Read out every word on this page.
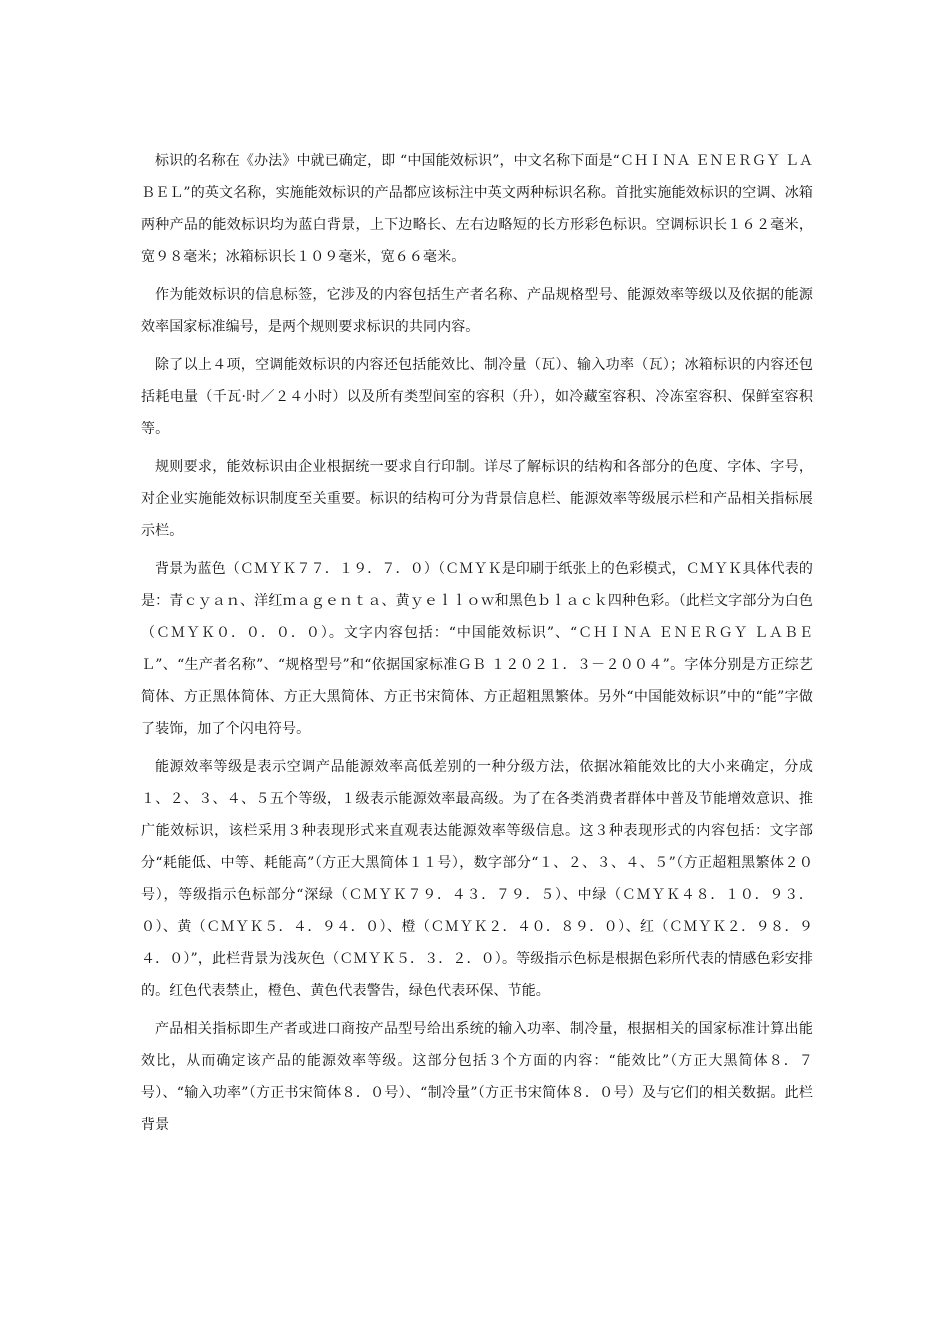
标识的名称在《办法》中就已确定，即 “中国能效标识”，中文名称下面是“ＣＨＩＮＡ ＥＮＥＲＧＹ ＬＡＢＥＬ”的英文名称，实施能效标识的产品都应该标注中英文两种标识名称。首批实施能效标识的空调、冰箱两种产品的能效标识均为蓝白背景，上下边略长、左右边略短的长方形彩色标识。空调标识长１６２毫米，宽９８毫米；冰箱标识长１０９毫米，宽６６毫米。

作为能效标识的信息标签，它涉及的内容包括生产者名称、产品规格型号、能源效率等级以及依据的能源效率国家标准编号，是两个规则要求标识的共同内容。

除了以上４项，空调能效标识的内容还包括能效比、制冷量（瓦）、输入功率（瓦）；冰箱标识的内容还包括耗电量（千瓦·时／２４小时）以及所有类型间室的容积（升），如冷藏室容积、冷冻室容积、保鲜室容积等。

规则要求，能效标识由企业根据统一要求自行印制。详尽了解标识的结构和各部分的色度、字体、字号，对企业实施能效标识制度至关重要。标识的结构可分为背景信息栏、能源效率等级展示栏和产品相关指标展示栏。

背景为蓝色（ＣＭＹＫ７７．１９．７．０）（ＣＭＹＫ是印刷于纸张上的色彩模式，ＣＭＹＫ具体代表的是：青ｃｙａｎ、洋红ｍａｇｅｎｔａ、黄ｙｅｌｌｏｗ和黑色ｂｌａｃｋ四种色彩。（此栏文字部分为白色（ＣＭＹＫ０．０．０．０）。文字内容包括：“中国能效标识”、“ＣＨＩＮＡ ＥＮＥＲＧＹ ＬＡＢＥＬ”、“生产者名称”、“规格型号”和“依据国家标准ＧＢ １２０２１．３－２００４”。字体分别是方正综艺简体、方正黑体简体、方正大黑简体、方正书宋简体、方正超粗黑繁体。另外“中国能效标识”中的“能”字做了装饰，加了个闪电符号。

能源效率等级是表示空调产品能源效率高低差别的一种分级方法，依据冰箱能效比的大小来确定，分成１、２、３、４、５五个等级，１级表示能源效率最高级。为了在各类消费者群体中普及节能增效意识、推广能效标识，该栏采用３种表现形式来直观表达能源效率等级信息。这３种表现形式的内容包括：文字部分“耗能低、中等、耗能高”（方正大黑简体１１号），数字部分“１、２、３、４、５”（方正超粗黑繁体２０号），等级指示色标部分“深绿（ＣＭＹＫ７９．４３．７９．５）、中绿（ＣＭＹＫ４８．１０．９３．０）、黄（ＣＭＹＫ５．４．９４．０）、橙（ＣＭＹＫ２．４０．８９．０）、红（ＣＭＹＫ２．９８．９４．０）”，此栏背景为浅灰色（ＣＭＹＫ５．３．２．０）。等级指示色标是根据色彩所代表的情感色彩安排的。红色代表禁止，橙色、黄色代表警告，绿色代表环保、节能。

产品相关指标即生产者或进口商按产品型号给出系统的输入功率、制冷量，根据相关的国家标准计算出能效比，从而确定该产品的能源效率等级。这部分包括３个方面的内容：“能效比”（方正大黑简体８．７号）、“输入功率”（方正书宋简体８．０号）、“制冷量”（方正书宋简体８．０号）及与它们的相关数据。此栏背景
